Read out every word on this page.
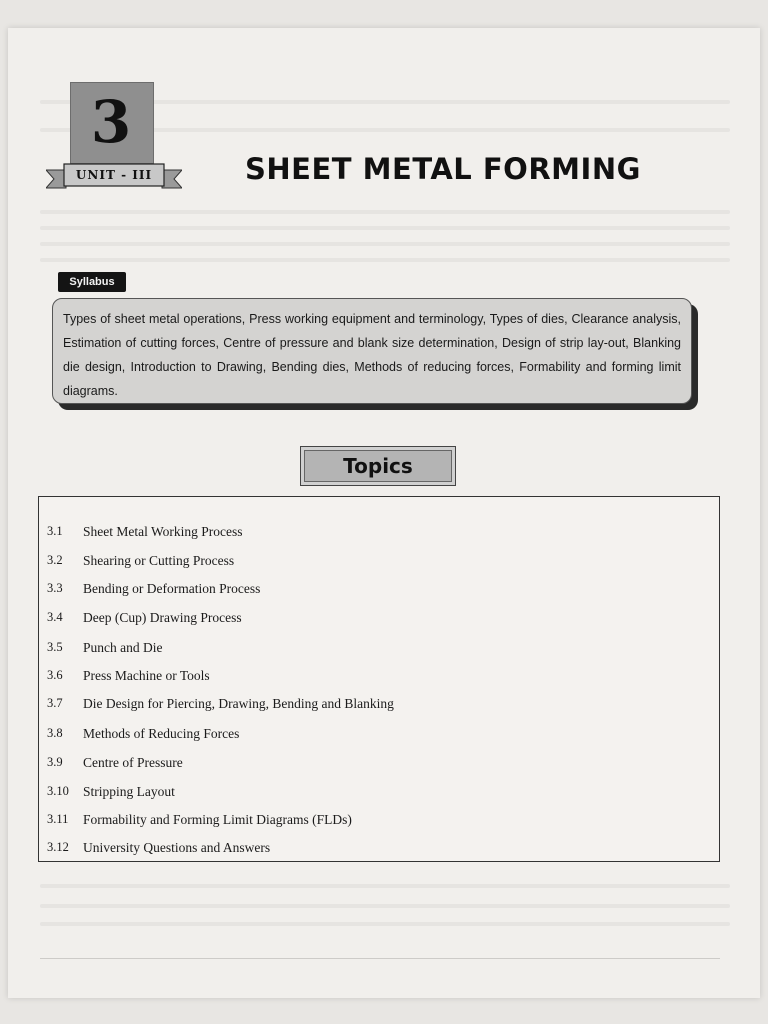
3
UNIT - III	SHEET METAL FORMING
Syllabus
Types of sheet metal operations, Press working equipment and terminology, Types of dies, Clearance analysis, Estimation of cutting forces, Centre of pressure and blank size determination, Design of strip lay-out, Blanking die design, Introduction to Drawing, Bending dies, Methods of reducing forces, Formability and forming limit diagrams.
Topics
3.1	Sheet Metal Working Process
3.2	Shearing or Cutting Process
3.3	Bending or Deformation Process
3.4	Deep (Cup) Drawing Process
3.5	Punch and Die
3.6	Press Machine or Tools
3.7	Die Design for Piercing, Drawing, Bending and Blanking
3.8	Methods of Reducing Forces
3.9	Centre of Pressure
3.10	Stripping Layout
3.11	Formability and Forming Limit Diagrams (FLDs)
3.12	University Questions and Answers
